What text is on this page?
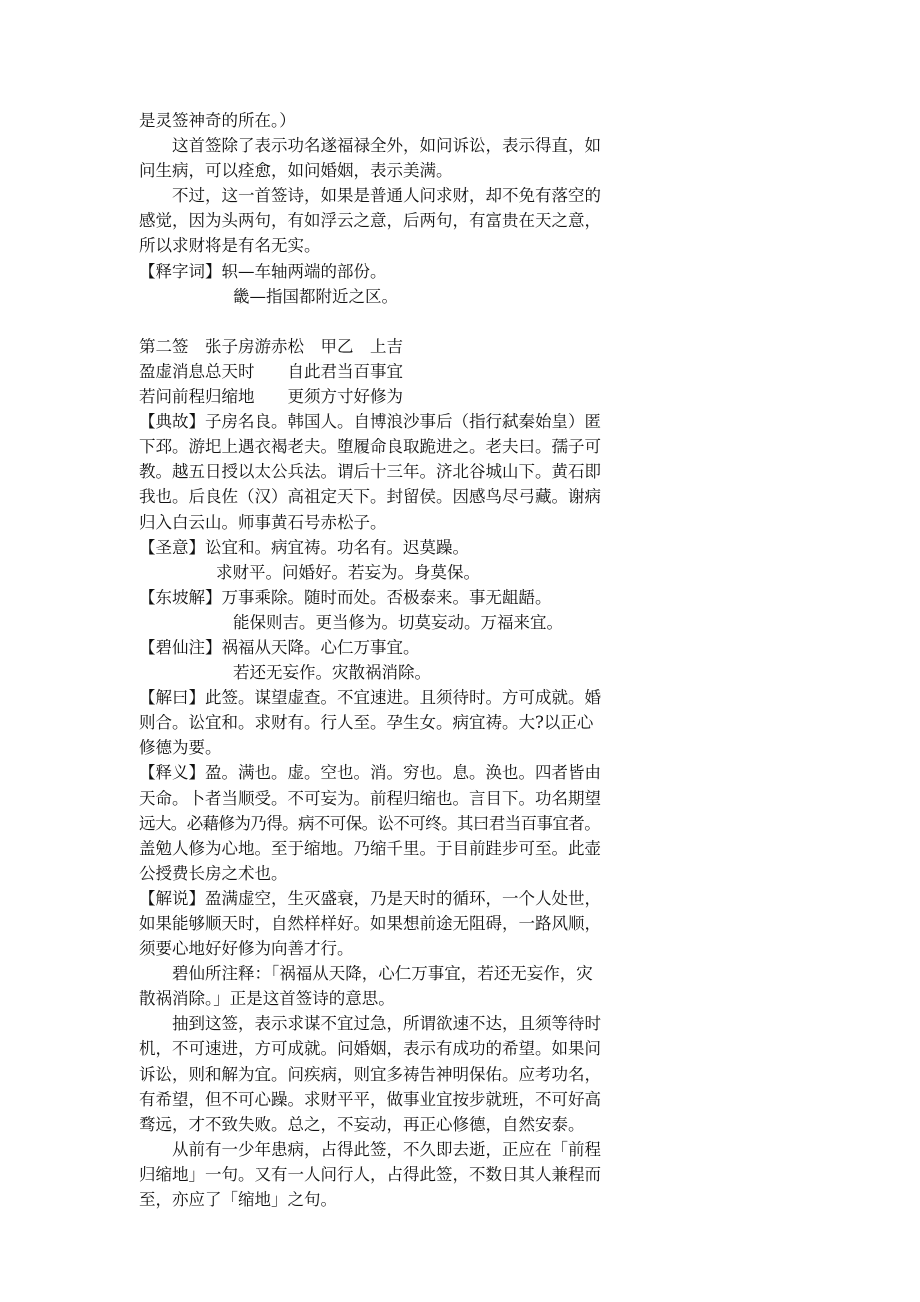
是灵签神奇的所在。）
这首签除了表示功名遂福禄全外，如问诉讼，表示得直，如
问生病，可以痊愈，如问婚姻，表示美满。
不过，这一首签诗，如果是普通人问求财，却不免有落空的
感觉，因为头两句，有如浮云之意，后两句，有富贵在天之意，
所以求财将是有名无实。
【释字词】轵—车轴两端的部份。
畿—指国都附近之区。
第二签　张子房游赤松　甲乙　上吉
盈虚消息总天时　　自此君当百事宜
若问前程归缩地　　更须方寸好修为
【典故】子房名良。韩国人。自博浪沙事后（指行弑秦始皇）匿
下邳。游圯上遇衣褐老夫。堕履命良取跪进之。老夫曰。孺子可
教。越五日授以太公兵法。谓后十三年。济北谷城山下。黄石即
我也。后良佐（汉）高祖定天下。封留侯。因感鸟尽弓藏。谢病
归入白云山。师事黄石号赤松子。
【圣意】讼宜和。病宜祷。功名有。迟莫躁。
求财平。问婚好。若妄为。身莫保。
【东坡解】万事乘除。随时而处。否极泰来。事无龃龉。
能保则吉。更当修为。切莫妄动。万福来宜。
【碧仙注】祸福从天降。心仁万事宜。
若还无妄作。灾散祸消除。
【解曰】此签。谋望虚查。不宜速进。且须待时。方可成就。婚
则合。讼宜和。求财有。行人至。孕生女。病宜祷。大?以正心
修德为要。
【释义】盈。满也。虚。空也。消。穷也。息。涣也。四者皆由
天命。卜者当顺受。不可妄为。前程归缩也。言目下。功名期望
远大。必藉修为乃得。病不可保。讼不可终。其曰君当百事宜者。
盖勉人修为心地。至于缩地。乃缩千里。于目前跬步可至。此壶
公授费长房之术也。
【解说】盈满虚空，生灭盛衰，乃是天时的循环，一个人处世，
如果能够顺天时，自然样样好。如果想前途无阻碍，一路风顺，
须要心地好好修为向善才行。
碧仙所注释：「祸福从天降，心仁万事宜，若还无妄作，灾
散祸消除。」正是这首签诗的意思。
抽到这签，表示求谋不宜过急，所谓欲速不达，且须等待时
机，不可速进，方可成就。问婚姻，表示有成功的希望。如果问
诉讼，则和解为宜。问疾病，则宜多祷告神明保佑。应考功名，
有希望，但不可心躁。求财平平，做事业宜按步就班，不可好高
骛远，才不致失败。总之，不妄动，再正心修德，自然安泰。
从前有一少年患病，占得此签，不久即去逝，正应在「前程
归缩地」一句。又有一人问行人，占得此签，不数日其人兼程而
至，亦应了「缩地」之句。
